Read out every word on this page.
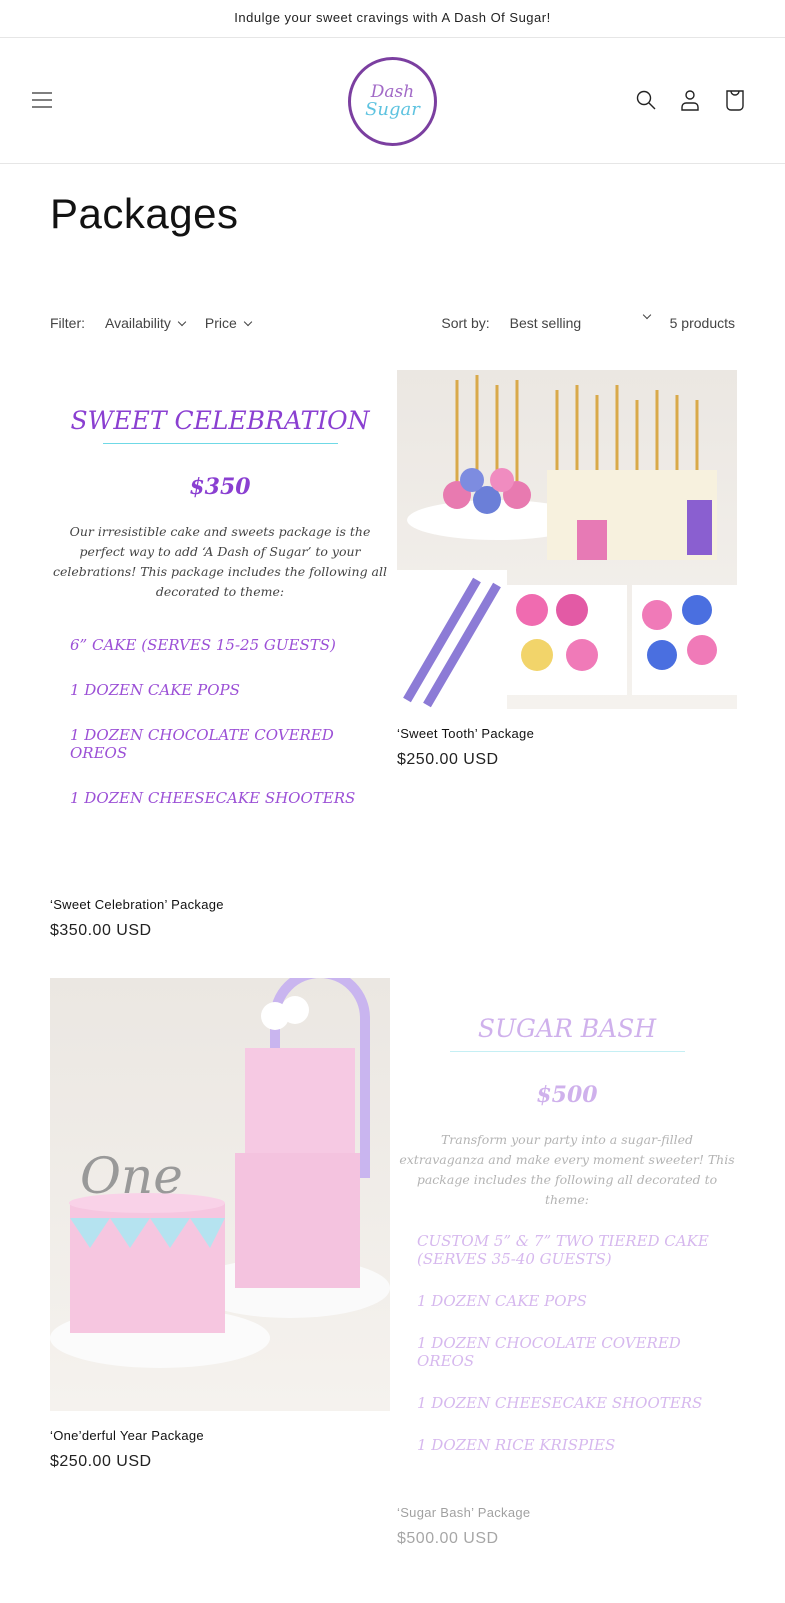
Indulge your sweet cravings with A Dash Of Sugar!
Dash
Sugar
Packages
Filter: Availability	Price	Sort by: Best selling	5 products
SWEET CELEBRATION
$350
Our irresistible cake and sweets package is the perfect way to add ‘A Dash of Sugar’ to your celebrations! This package includes the following all decorated to theme:
6” CAKE (SERVES 15-25 GUESTS)
1 DOZEN CAKE POPS
1 DOZEN CHOCOLATE COVERED OREOS
1 DOZEN CHEESECAKE SHOOTERS
‘Sweet Celebration’ Package
$350.00 USD
‘Sweet Tooth’ Package
$250.00 USD
One
‘One’derful Year Package
$250.00 USD
SUGAR BASH
$500
Transform your party into a sugar-filled extravaganza and make every moment sweeter! This package includes the following all decorated to theme:
CUSTOM 5” & 7” TWO TIERED CAKE (SERVES 35-40 GUESTS)
1 DOZEN CAKE POPS
1 DOZEN CHOCOLATE COVERED OREOS
1 DOZEN CHEESECAKE SHOOTERS
1 DOZEN RICE KRISPIES
‘Sugar Bash’ Package
$500.00 USD
